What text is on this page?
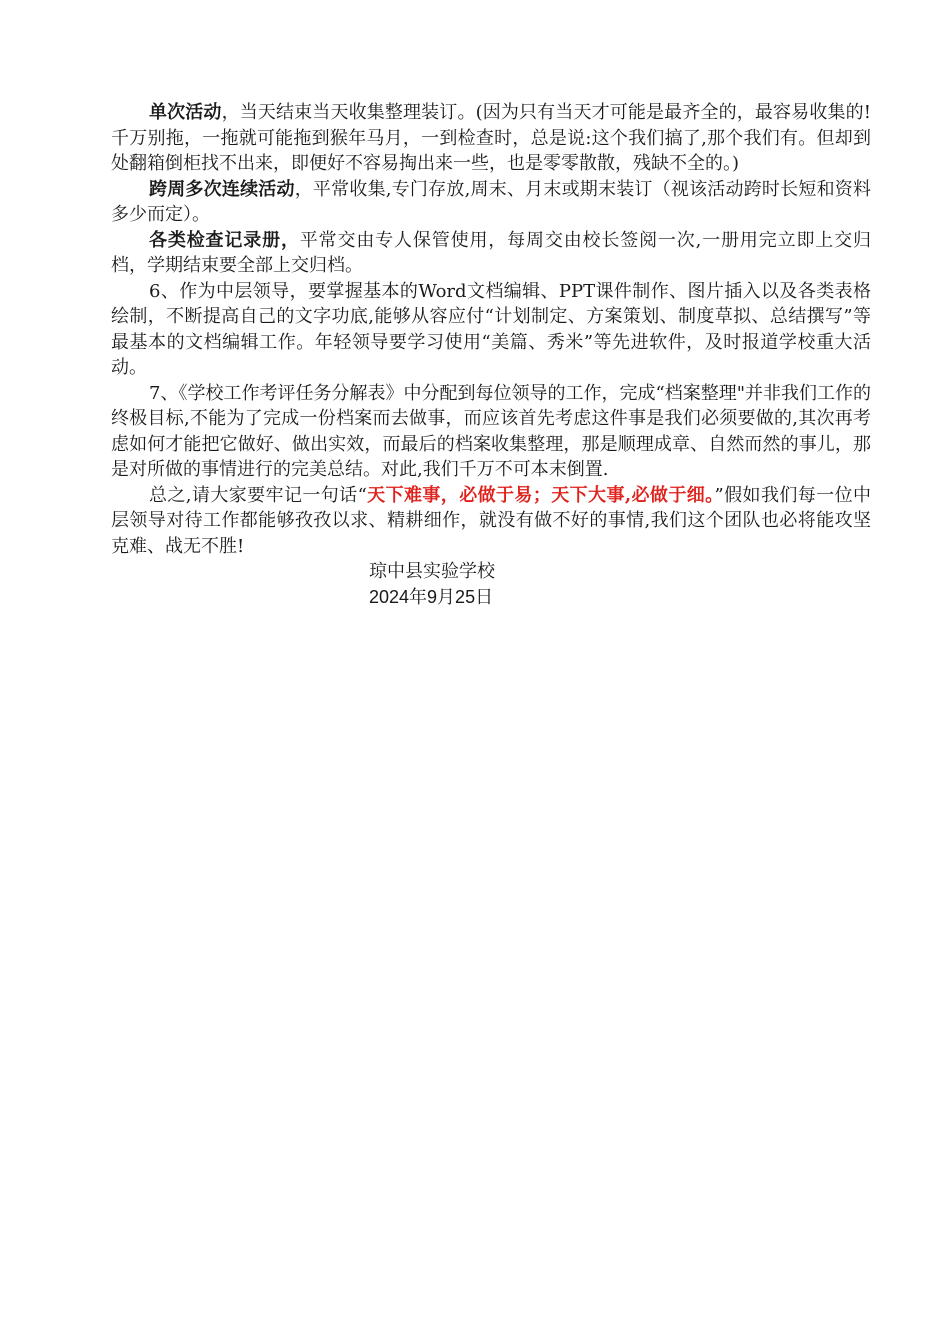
单次活动，当天结束当天收集整理装订。(因为只有当天才可能是最齐全的，最容易收集的!千万别拖，一拖就可能拖到猴年马月，一到检查时，总是说:这个我们搞了,那个我们有。但却到处翻箱倒柜找不出来，即便好不容易掏出来一些，也是零零散散，残缺不全的。)

跨周多次连续活动，平常收集,专门存放,周末、月末或期末装订（视该活动跨时长短和资料多少而定）。

各类检查记录册，平常交由专人保管使用，每周交由校长签阅一次,一册用完立即上交归档，学期结束要全部上交归档。

6、作为中层领导，要掌握基本的Word文档编辑、PPT课件制作、图片插入以及各类表格绘制，不断提高自己的文字功底,能够从容应付“计划制定、方案策划、制度草拟、总结撰写”等最基本的文档编辑工作。年轻领导要学习使用“美篇、秀米”等先进软件，及时报道学校重大活动。

7、《学校工作考评任务分解表》中分配到每位领导的工作，完成“档案整理"并非我们工作的终极目标,不能为了完成一份档案而去做事，而应该首先考虑这件事是我们必须要做的,其次再考虑如何才能把它做好、做出实效，而最后的档案收集整理，那是顺理成章、自然而然的事儿，那是对所做的事情进行的完美总结。对此,我们千万不可本末倒置.

总之,请大家要牢记一句话“天下难事，必做于易；天下大事,必做于细。”假如我们每一位中层领导对待工作都能够孜孜以求、精耕细作，就没有做不好的事情,我们这个团队也必将能攻坚克难、战无不胜!

琼中县实验学校

2024年9月25日
